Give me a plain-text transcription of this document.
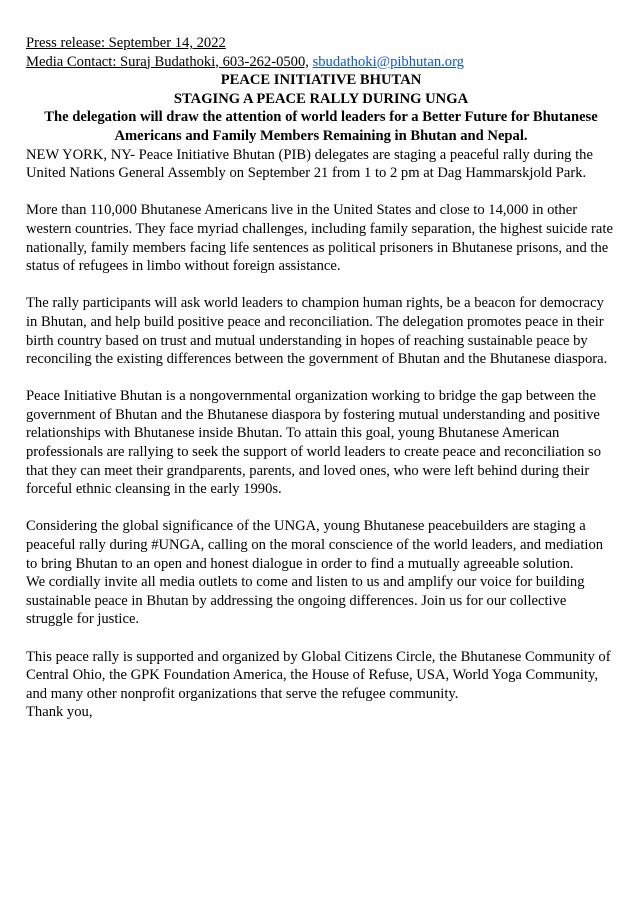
Press release: September 14, 2022

Media Contact: Suraj Budathoki, 603-262-0500, sbudathoki@pibhutan.org

PEACE INITIATIVE BHUTAN

STAGING A PEACE RALLY DURING UNGA

The delegation will draw the attention of world leaders for a Better Future for Bhutanese Americans and Family Members Remaining in Bhutan and Nepal.

NEW YORK, NY- Peace Initiative Bhutan (PIB) delegates are staging a peaceful rally during the United Nations General Assembly on September 21 from 1 to 2 pm at Dag Hammarskjold Park.

More than 110,000 Bhutanese Americans live in the United States and close to 14,000 in other western countries. They face myriad challenges, including family separation, the highest suicide rate nationally, family members facing life sentences as political prisoners in Bhutanese prisons, and the status of refugees in limbo without foreign assistance.

The rally participants will ask world leaders to champion human rights, be a beacon for democracy in Bhutan, and help build positive peace and reconciliation. The delegation promotes peace in their birth country based on trust and mutual understanding in hopes of reaching sustainable peace by reconciling the existing differences between the government of Bhutan and the Bhutanese diaspora.

Peace Initiative Bhutan is a nongovernmental organization working to bridge the gap between the government of Bhutan and the Bhutanese diaspora by fostering mutual understanding and positive relationships with Bhutanese inside Bhutan. To attain this goal, young Bhutanese American professionals are rallying to seek the support of world leaders to create peace and reconciliation so that they can meet their grandparents, parents, and loved ones, who were left behind during their forceful ethnic cleansing in the early 1990s.

Considering the global significance of the UNGA, young Bhutanese peacebuilders are staging a peaceful rally during #UNGA, calling on the moral conscience of the world leaders, and mediation to bring Bhutan to an open and honest dialogue in order to find a mutually agreeable solution.

We cordially invite all media outlets to come and listen to us and amplify our voice for building sustainable peace in Bhutan by addressing the ongoing differences. Join us for our collective struggle for justice.

This peace rally is supported and organized by Global Citizens Circle, the Bhutanese Community of Central Ohio, the GPK Foundation America, the House of Refuse, USA, World Yoga Community, and many other nonprofit organizations that serve the refugee community.

Thank you,
